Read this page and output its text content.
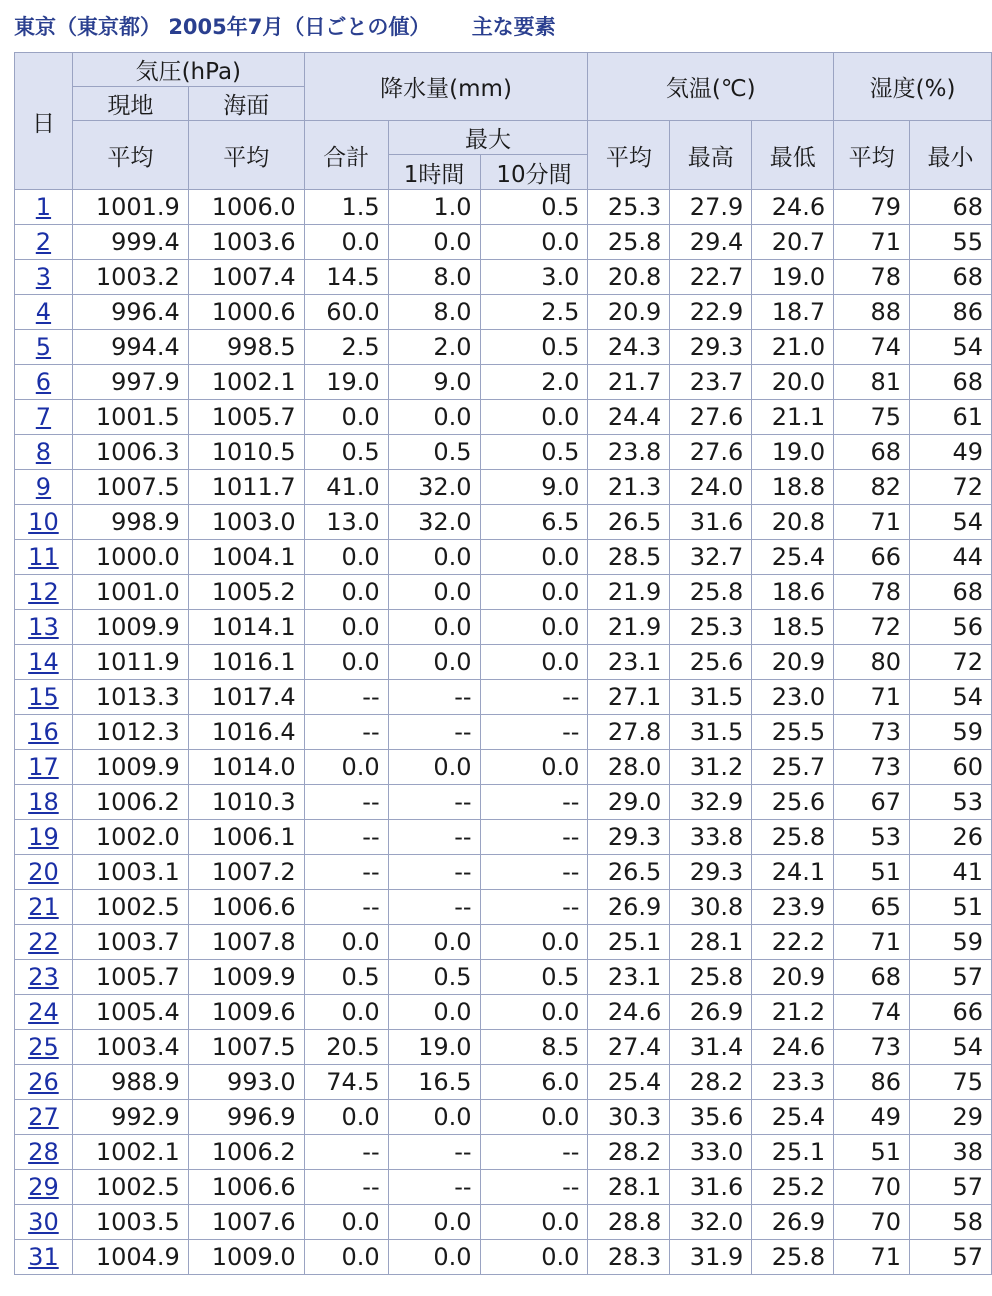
東京（東京都） 2005年7月（日ごとの値） 主な要素
日	気圧(hPa)		降水量(mm)			気温(℃)			湿度(%)	
	現地	海面								
	平均	平均	合計	最大		平均	最高	最低	平均	最小
				1時間	10分間					
1	1001.9	1006.0	1.5	1.0	0.5	25.3	27.9	24.6	79	68
2	999.4	1003.6	0.0	0.0	0.0	25.8	29.4	20.7	71	55
3	1003.2	1007.4	14.5	8.0	3.0	20.8	22.7	19.0	78	68
4	996.4	1000.6	60.0	8.0	2.5	20.9	22.9	18.7	88	86
5	994.4	998.5	2.5	2.0	0.5	24.3	29.3	21.0	74	54
6	997.9	1002.1	19.0	9.0	2.0	21.7	23.7	20.0	81	68
7	1001.5	1005.7	0.0	0.0	0.0	24.4	27.6	21.1	75	61
8	1006.3	1010.5	0.5	0.5	0.5	23.8	27.6	19.0	68	49
9	1007.5	1011.7	41.0	32.0	9.0	21.3	24.0	18.8	82	72
10	998.9	1003.0	13.0	32.0	6.5	26.5	31.6	20.8	71	54
11	1000.0	1004.1	0.0	0.0	0.0	28.5	32.7	25.4	66	44
12	1001.0	1005.2	0.0	0.0	0.0	21.9	25.8	18.6	78	68
13	1009.9	1014.1	0.0	0.0	0.0	21.9	25.3	18.5	72	56
14	1011.9	1016.1	0.0	0.0	0.0	23.1	25.6	20.9	80	72
15	1013.3	1017.4	--	--	--	27.1	31.5	23.0	71	54
16	1012.3	1016.4	--	--	--	27.8	31.5	25.5	73	59
17	1009.9	1014.0	0.0	0.0	0.0	28.0	31.2	25.7	73	60
18	1006.2	1010.3	--	--	--	29.0	32.9	25.6	67	53
19	1002.0	1006.1	--	--	--	29.3	33.8	25.8	53	26
20	1003.1	1007.2	--	--	--	26.5	29.3	24.1	51	41
21	1002.5	1006.6	--	--	--	26.9	30.8	23.9	65	51
22	1003.7	1007.8	0.0	0.0	0.0	25.1	28.1	22.2	71	59
23	1005.7	1009.9	0.5	0.5	0.5	23.1	25.8	20.9	68	57
24	1005.4	1009.6	0.0	0.0	0.0	24.6	26.9	21.2	74	66
25	1003.4	1007.5	20.5	19.0	8.5	27.4	31.4	24.6	73	54
26	988.9	993.0	74.5	16.5	6.0	25.4	28.2	23.3	86	75
27	992.9	996.9	0.0	0.0	0.0	30.3	35.6	25.4	49	29
28	1002.1	1006.2	--	--	--	28.2	33.0	25.1	51	38
29	1002.5	1006.6	--	--	--	28.1	31.6	25.2	70	57
30	1003.5	1007.6	0.0	0.0	0.0	28.8	32.0	26.9	70	58
31	1004.9	1009.0	0.0	0.0	0.0	28.3	31.9	25.8	71	57
